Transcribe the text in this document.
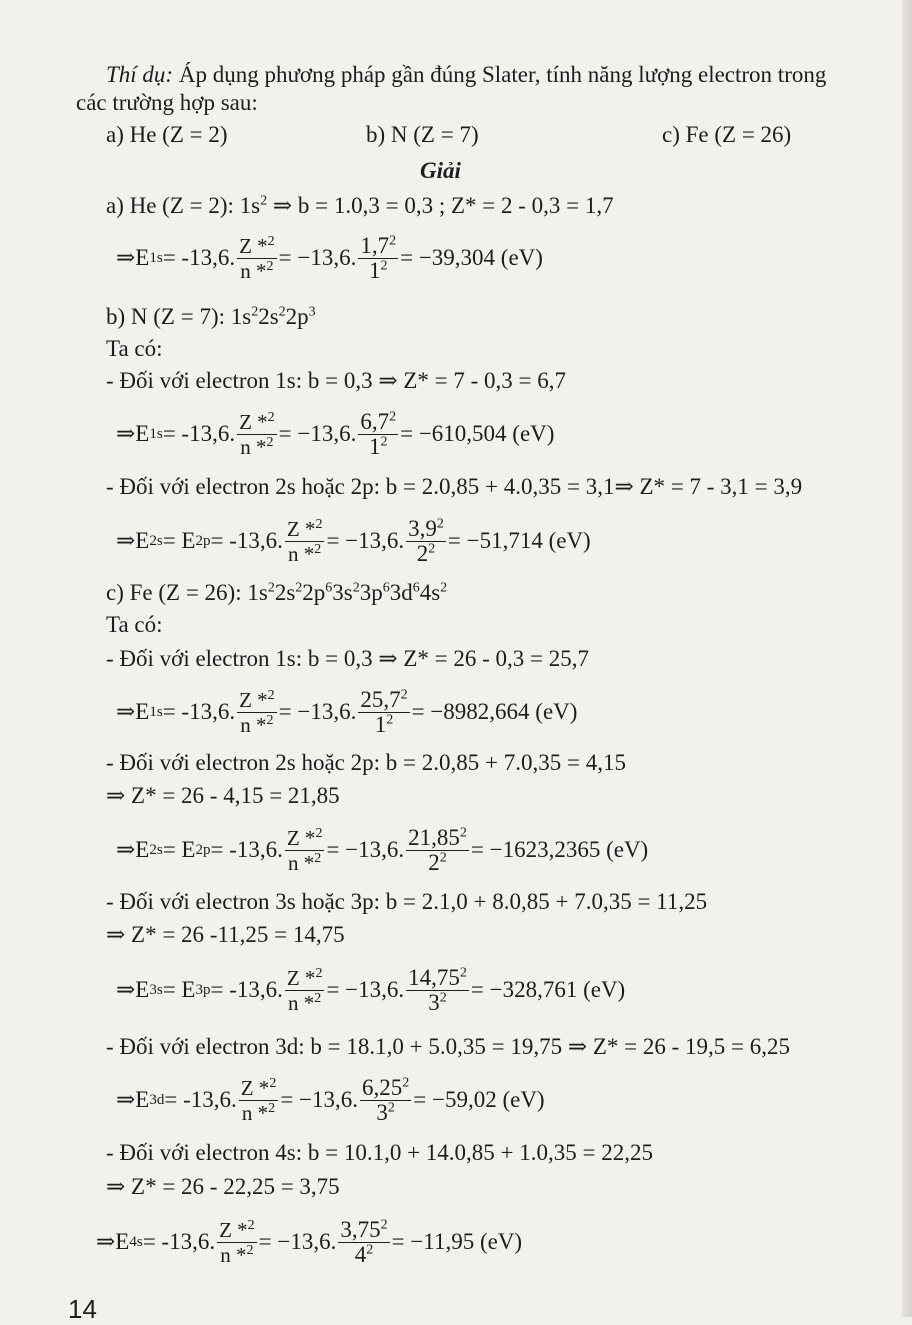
Thí dụ: Áp dụng phương pháp gần đúng Slater, tính năng lượng electron trong
các trường hợp sau:
a) He (Z = 2)	b) N (Z = 7)	c) Fe (Z = 26)
Giải
a) He (Z = 2): $1s^2$ ⇒ b = 1.0,3 = 0,3 ; Z* = 2 - 0,3 = 1,7
⇒ E 1s = -13,6. $\frac{Z *^2}{n *^2} = -13,6$. $\frac{1,7^2}{1^2} = -39,304$ (eV)
b) N (Z = 7): $1s^22s^22p^3$
Ta có:
- Đối với electron 1s: b = 0,3 ⇒ Z* = 7 - 0,3 = 6,7
⇒ E 1s = -13,6. $\frac{Z *^2}{n *^2} = -13,6$. $\frac{6,7^2}{1^2} = -610,504$ (eV)
- Đối với electron 2s hoặc 2p: b = 2.0,85 + 4.0,35 = 3,1⇒ Z* = 7 - 3,1 = 3,9
⇒ E 2s = E 2p = -13,6. $\frac{Z *^2}{n *^2} = -13,6$. $\frac{3,9^2}{2^2} = -51,714$ (eV)
c) Fe (Z = 26): $1s^22s^22p^63s^23p^63d^64s^2$
Ta có:
- Đối với electron 1s: b = 0,3 ⇒ Z* = 26 - 0,3 = 25,7
⇒ E 1s = -13,6. $\frac{Z *^2}{n *^2} = -13,6$. $\frac{25,7^2}{1^2} = -8982,664$ (eV)
- Đối với electron 2s hoặc 2p: b = 2.0,85 + 7.0,35 = 4,15
⇒ Z* = 26 - 4,15 = 21,85
⇒ E 2s = E 2p = -13,6. $\frac{Z *^2}{n *^2} = -13,6$. $\frac{21,85^2}{2^2} = -1623,2365$ (eV)
- Đối với electron 3s hoặc 3p: b = 2.1,0 + 8.0,85 + 7.0,35 = 11,25
⇒ Z* = 26 -11,25 = 14,75
⇒ E 3s = E 3p = -13,6. $\frac{Z *^2}{n *^2} = -13,6$. $\frac{14,75^2}{3^2} = -328,761$ (eV)
- Đối với electron 3d: b = 18.1,0 + 5.0,35 = 19,75 ⇒ Z* = 26 - 19,5 = 6,25
⇒ E 3d = -13,6. $\frac{Z *^2}{n *^2} = -13,6$. $\frac{6,25^2}{3^2} = -59,02$ (eV)
- Đối với electron 4s: b = 10.1,0 + 14.0,85 + 1.0,35 = 22,25
⇒ Z* = 26 - 22,25 = 3,75
⇒ E 4s = -13,6. $\frac{Z *^2}{n *^2} = -13,6$. $\frac{3,75^2}{4^2} = -11,95$ (eV)
14
